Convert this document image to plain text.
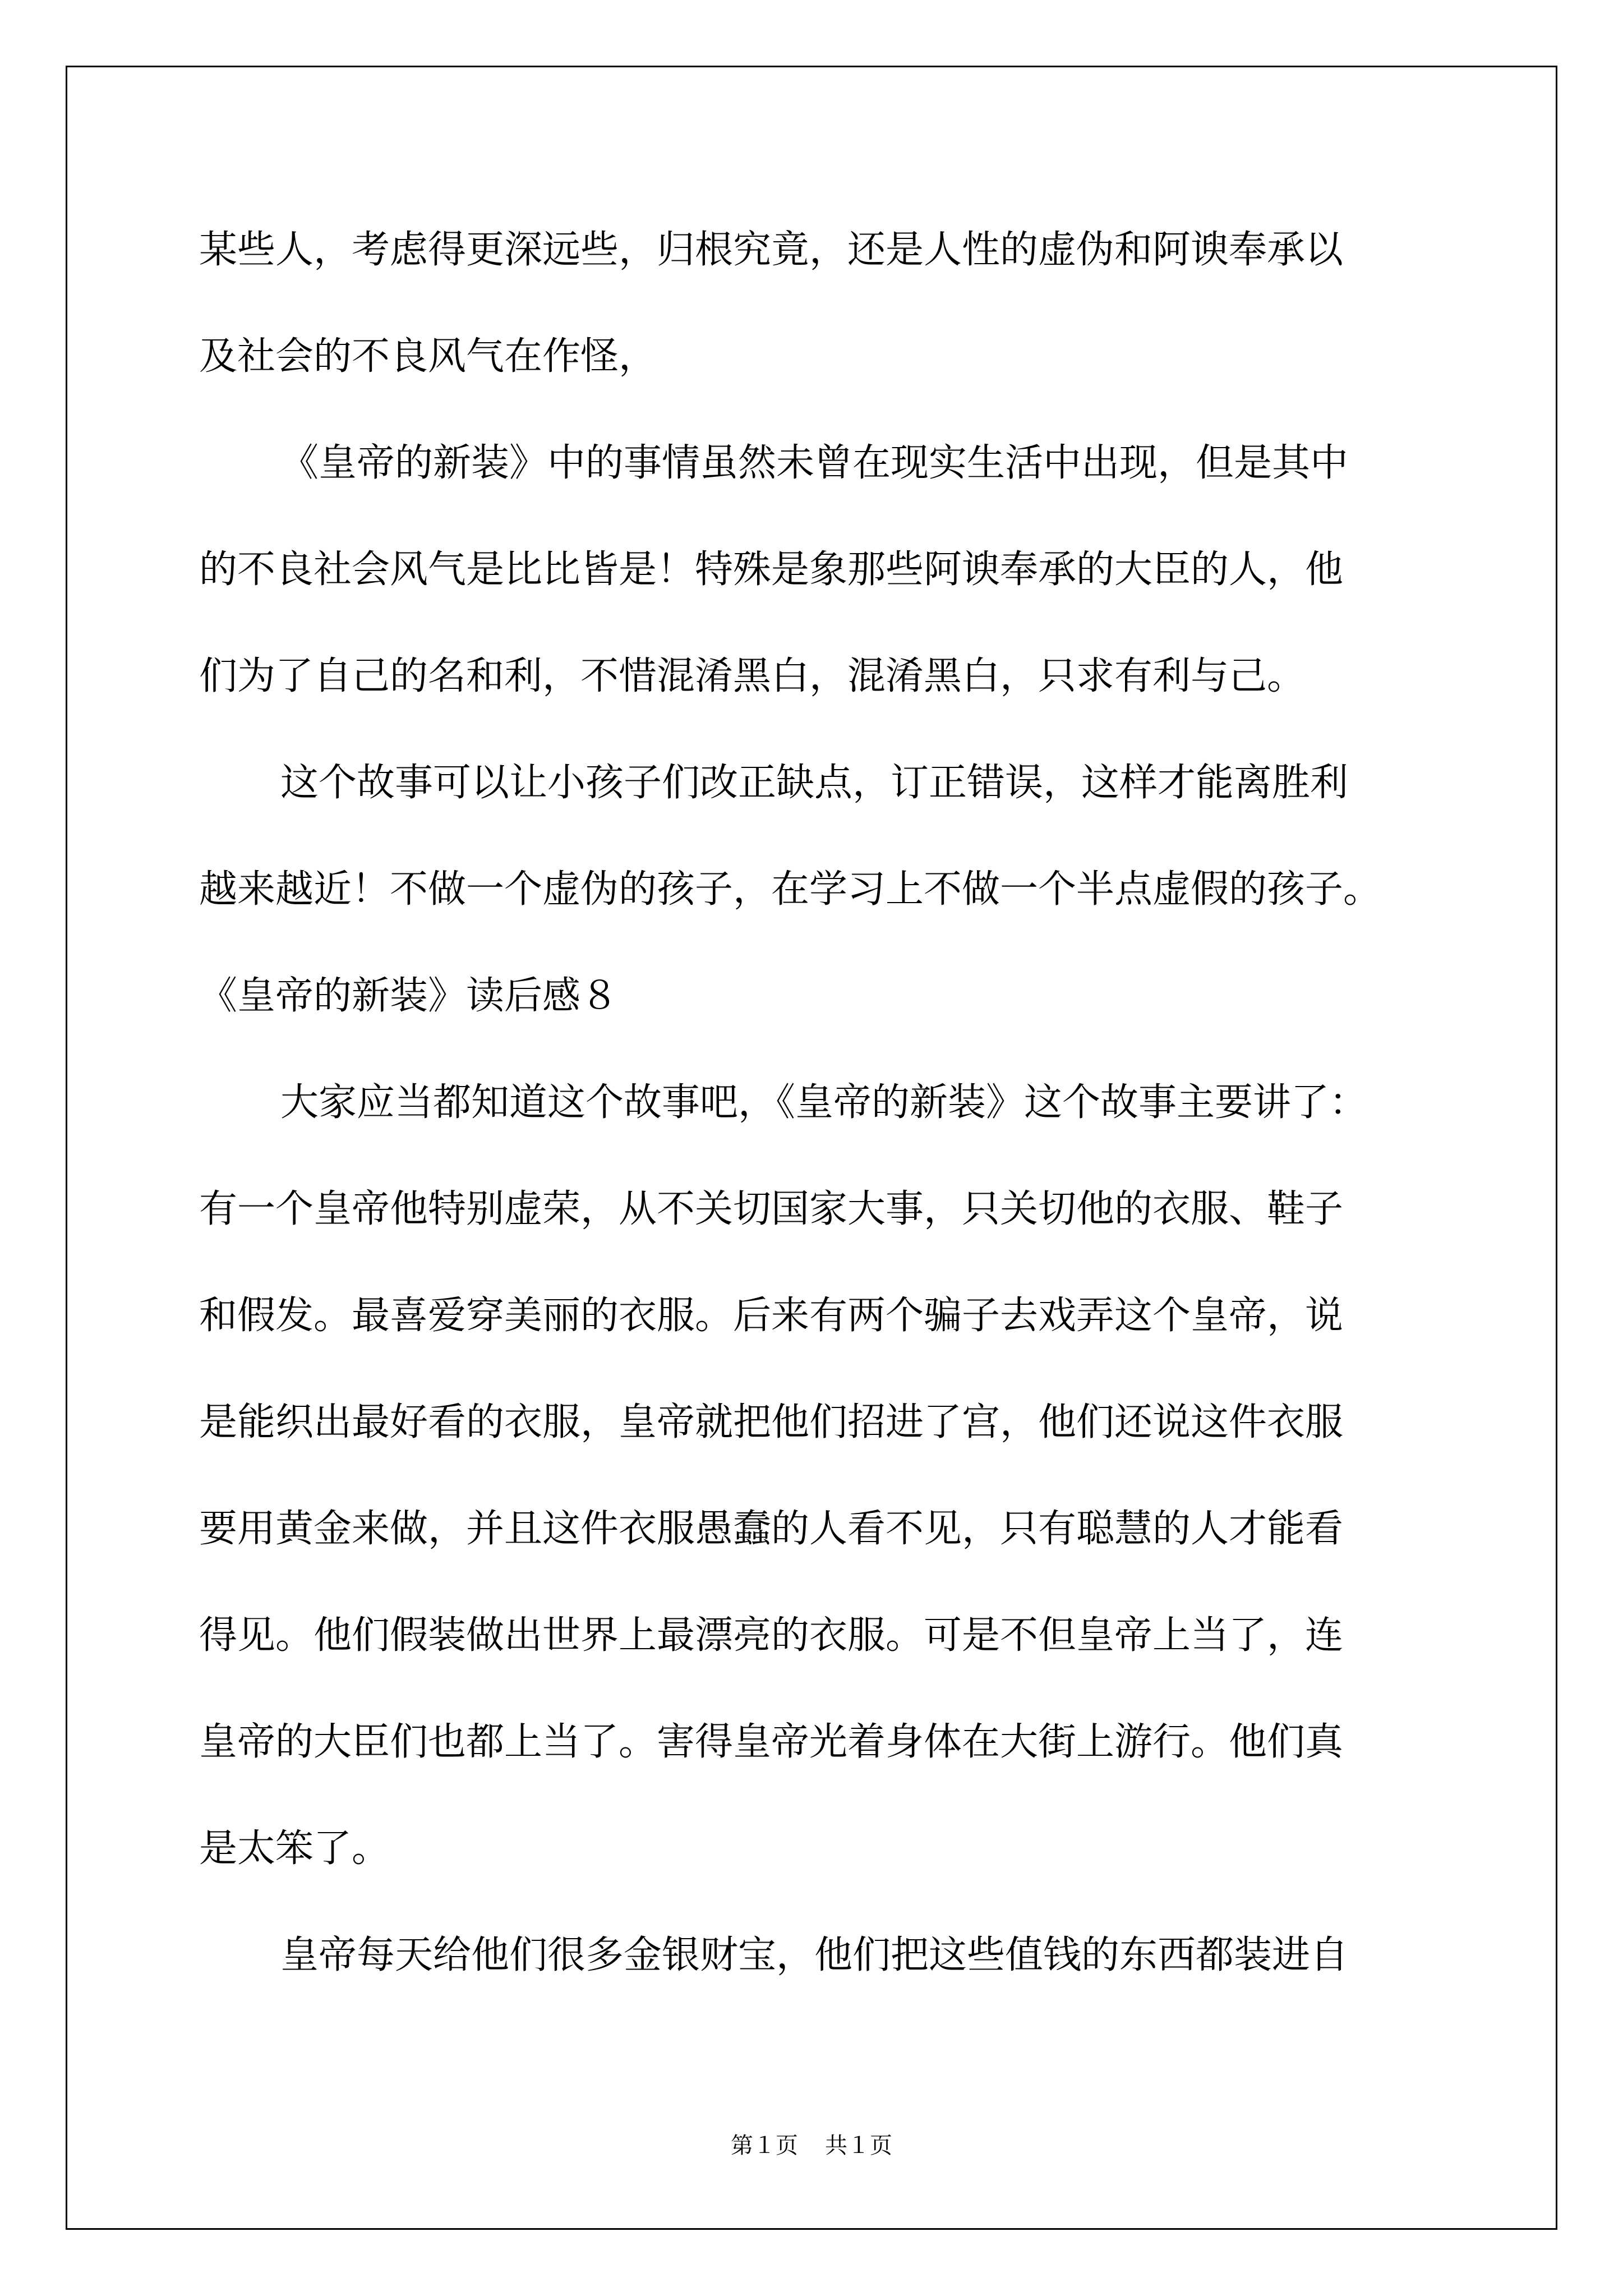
某些人，考虑得更深远些，归根究竟，还是人性的虚伪和阿谀奉承以

及社会的不良风气在作怪，

《皇帝的新装》中的事情虽然未曾在现实生活中出现，但是其中

的不良社会风气是比比皆是！特殊是象那些阿谀奉承的大臣的人，他

们为了自己的名和利，不惜混淆黑白，混淆黑白，只求有利与己。

这个故事可以让小孩子们改正缺点，订正错误，这样才能离胜利

越来越近！不做一个虚伪的孩子，在学习上不做一个半点虚假的孩子。

《皇帝的新装》读后感８

大家应当都知道这个故事吧，《皇帝的新装》这个故事主要讲了：

有一个皇帝他特别虚荣，从不关切国家大事，只关切他的衣服、鞋子

和假发。最喜爱穿美丽的衣服。后来有两个骗子去戏弄这个皇帝，说

是能织出最好看的衣服，皇帝就把他们招进了宫，他们还说这件衣服

要用黄金来做，并且这件衣服愚蠢的人看不见，只有聪慧的人才能看

得见。他们假装做出世界上最漂亮的衣服。可是不但皇帝上当了，连

皇帝的大臣们也都上当了。害得皇帝光着身体在大街上游行。他们真

是太笨了。

皇帝每天给他们很多金银财宝，他们把这些值钱的东西都装进自

第１页 共１页
